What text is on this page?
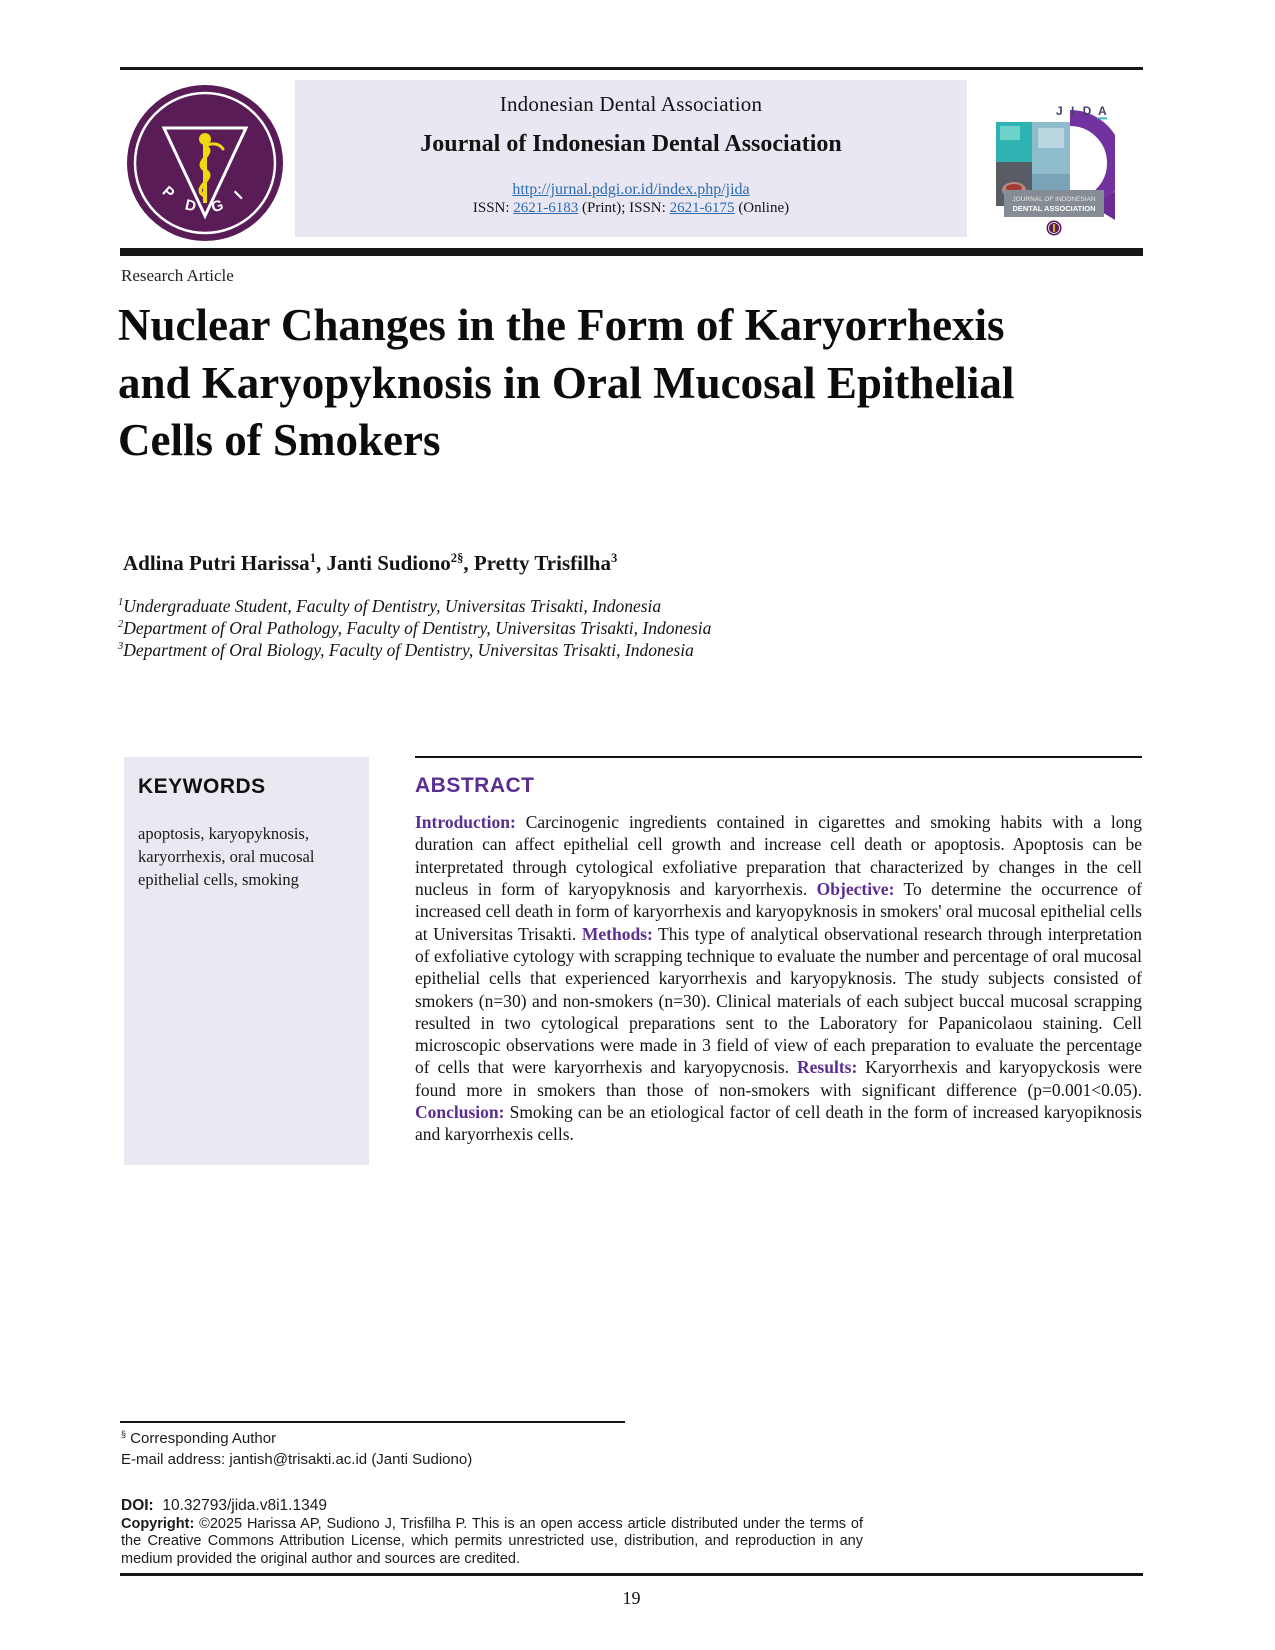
P D G I
Indonesian Dental Association
Journal of Indonesian Dental Association
http://jurnal.pdgi.or.id/index.php/jida
ISSN: 2621-6183 (Print); ISSN: 2621-6175 (Online)
JOURNAL OF INDONESIAN
DENTAL ASSOCIATION
J I D A
Research Article
Nuclear Changes in the Form of Karyorrhexis and Karyopyknosis in Oral Mucosal Epithelial Cells of Smokers
Adlina Putri Harissa$^1$, Janti Sudiono$^{2\S}$, Pretty Trisfilha$^3$
$^1$Undergraduate Student, Faculty of Dentistry, Universitas Trisakti, Indonesia
$^2$Department of Oral Pathology, Faculty of Dentistry, Universitas Trisakti, Indonesia
$^3$Department of Oral Biology, Faculty of Dentistry, Universitas Trisakti, Indonesia
KEYWORDS
apoptosis, karyopyknosis, karyorrhexis, oral mucosal epithelial cells, smoking
ABSTRACT

Introduction: Carcinogenic ingredients contained in cigarettes and smoking habits with a long duration can affect epithelial cell growth and increase cell death or apoptosis. Apoptosis can be interpretated through cytological exfoliative preparation that characterized by changes in the cell nucleus in form of karyopyknosis and karyorrhexis. Objective: To determine the occurrence of increased cell death in form of karyorrhexis and karyopyknosis in smokers' oral mucosal epithelial cells at Universitas Trisakti. Methods: This type of analytical observational research through interpretation of exfoliative cytology with scrapping technique to evaluate the number and percentage of oral mucosal epithelial cells that experienced karyorrhexis and karyopyknosis. The study subjects consisted of smokers (n=30) and non-smokers (n=30). Clinical materials of each subject buccal mucosal scrapping resulted in two cytological preparations sent to the Laboratory for Papanicolaou staining. Cell microscopic observations were made in 3 field of view of each preparation to evaluate the percentage of cells that were karyorrhexis and karyopycnosis. Results: Karyorrhexis and karyopyckosis were found more in smokers than those of non-smokers with significant difference (p=0.001<0.05). Conclusion: Smoking can be an etiological factor of cell death in the form of increased karyopiknosis and karyorrhexis cells.

§ Corresponding Author
E-mail address: jantish@trisakti.ac.id (Janti Sudiono)
DOI:  10.32793/jida.v8i1.1349

Copyright: ©2025 Harissa AP, Sudiono J, Trisfilha P. This is an open access article distributed under the terms of the Creative Commons Attribution License, which permits unrestricted use, distribution, and reproduction in any medium provided the original author and sources are credited.

19
